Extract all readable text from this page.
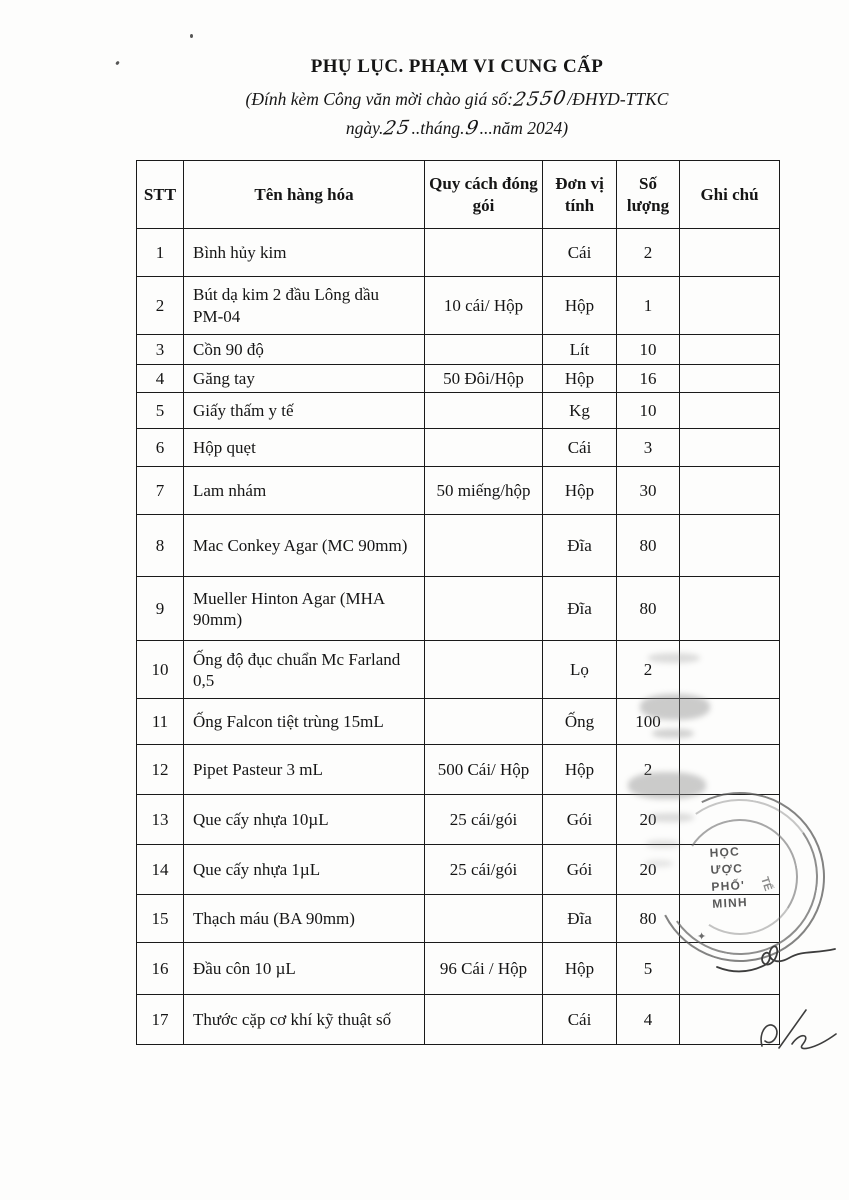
PHỤ LỤC. PHẠM VI CUNG CẤP
(Đính kèm Công văn mời chào giá số:2550/ĐHYD-TTKC
ngày.25..tháng.9...năm 2024)
STT	Tên hàng hóa	Quy cách đóng gói	Đơn vị tính	Số lượng	Ghi chú
1	Bình hủy kim		Cái	2	
2	Bút dạ kim 2 đầu Lông dầu PM-04	10 cái/ Hộp	Hộp	1	
3	Cồn 90 độ		Lít	10	
4	Găng tay	50 Đôi/Hộp	Hộp	16	
5	Giấy thấm y tế		Kg	10	
6	Hộp quẹt		Cái	3	
7	Lam nhám	50 miếng/hộp	Hộp	30	
8	Mac Conkey Agar (MC 90mm)		Đĩa	80	
9	Mueller Hinton Agar (MHA 90mm)		Đĩa	80	
10	Ống độ đục chuẩn Mc Farland 0,5		Lọ	2	
11	Ống Falcon tiệt trùng 15mL		Ống	100	
12	Pipet Pasteur 3 mL	500 Cái/ Hộp	Hộp	2	
13	Que cấy nhựa 10µL	25 cái/gói	Gói	20	
14	Que cấy nhựa 1µL	25 cái/gói	Gói	20	
15	Thạch máu (BA 90mm)		Đĩa	80	
16	Đầu côn 10 µL	96 Cái / Hộp	Hộp	5	
17	Thước cặp cơ khí kỹ thuật số		Cái	4	
HỌC
ƯỢC
PHỐ'
MINH
TẾ
✦
